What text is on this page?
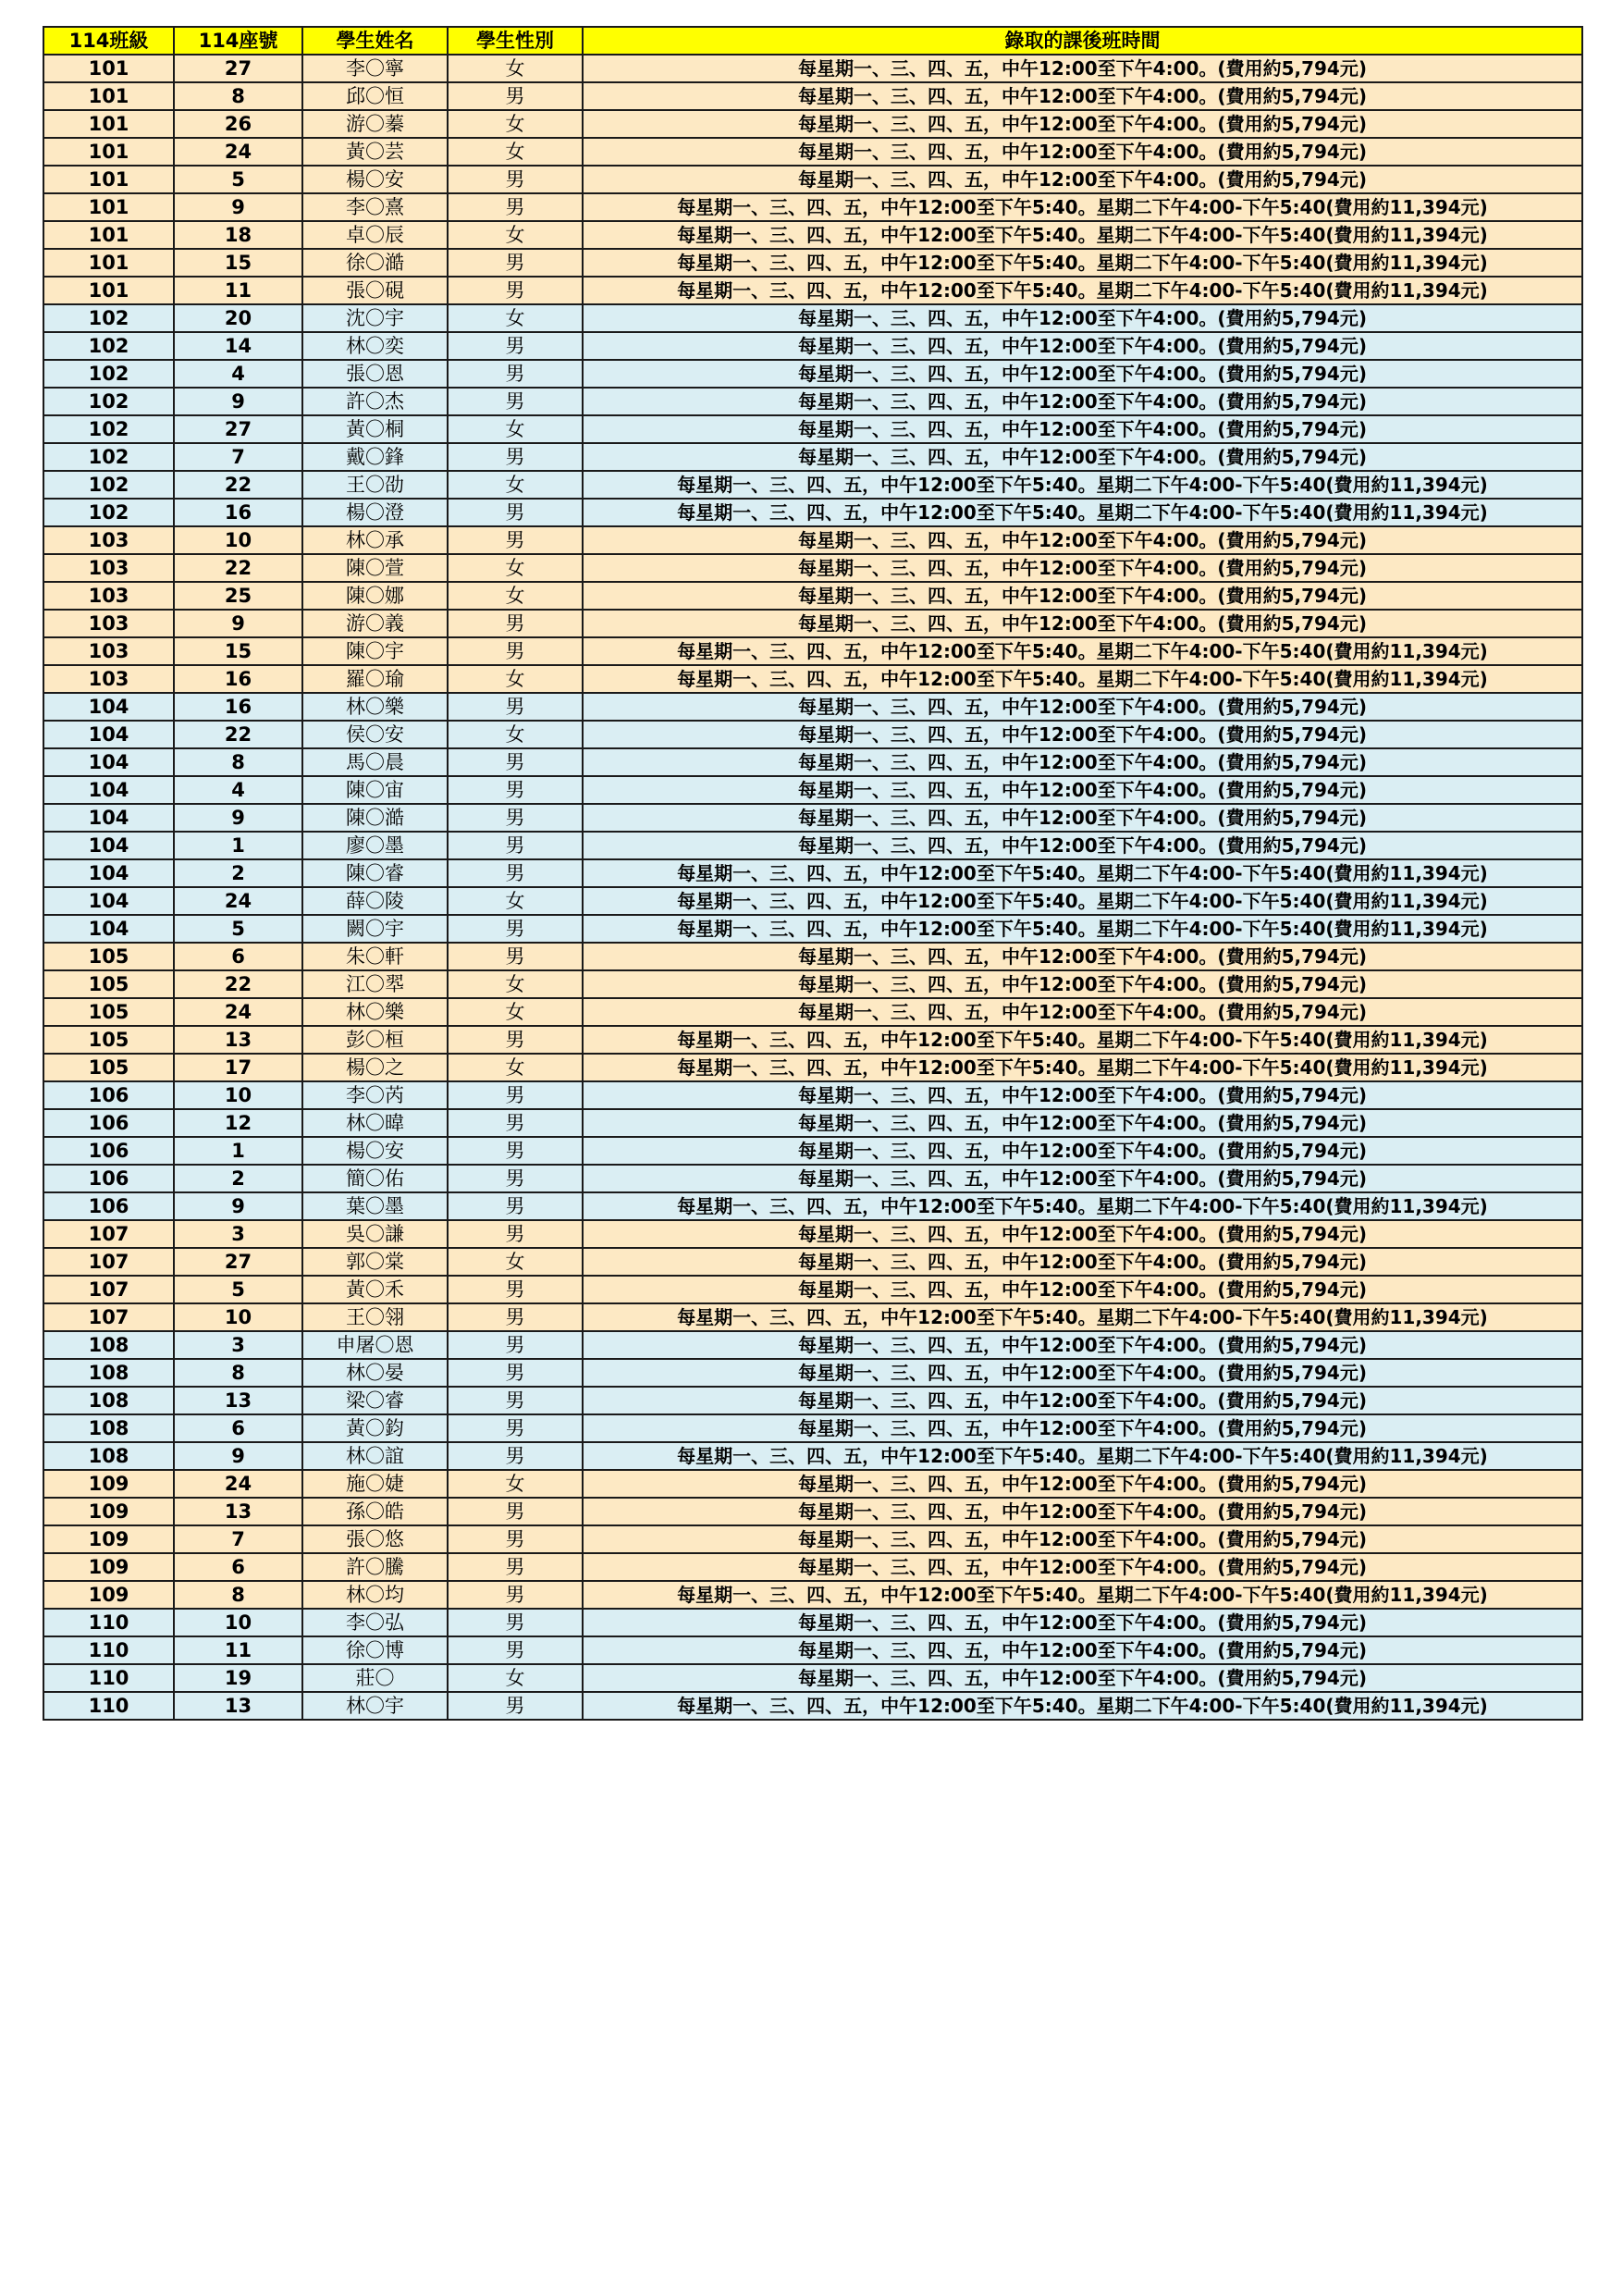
114班級	114座號	學生姓名	學生性別	錄取的課後班時間
101	27	李〇寧	女	每星期一、三、四、五，中午12:00至下午4:00。(費用約5,794元)
101	8	邱〇恒	男	每星期一、三、四、五，中午12:00至下午4:00。(費用約5,794元)
101	26	游〇蓁	女	每星期一、三、四、五，中午12:00至下午4:00。(費用約5,794元)
101	24	黃〇芸	女	每星期一、三、四、五，中午12:00至下午4:00。(費用約5,794元)
101	5	楊〇安	男	每星期一、三、四、五，中午12:00至下午4:00。(費用約5,794元)
101	9	李〇熹	男	每星期一、三、四、五，中午12:00至下午5:40。星期二下午4:00-下午5:40(費用約11,394元)
101	18	卓〇辰	女	每星期一、三、四、五，中午12:00至下午5:40。星期二下午4:00-下午5:40(費用約11,394元)
101	15	徐〇澔	男	每星期一、三、四、五，中午12:00至下午5:40。星期二下午4:00-下午5:40(費用約11,394元)
101	11	張〇硯	男	每星期一、三、四、五，中午12:00至下午5:40。星期二下午4:00-下午5:40(費用約11,394元)
102	20	沈〇宇	女	每星期一、三、四、五，中午12:00至下午4:00。(費用約5,794元)
102	14	林〇奕	男	每星期一、三、四、五，中午12:00至下午4:00。(費用約5,794元)
102	4	張〇恩	男	每星期一、三、四、五，中午12:00至下午4:00。(費用約5,794元)
102	9	許〇杰	男	每星期一、三、四、五，中午12:00至下午4:00。(費用約5,794元)
102	27	黃〇桐	女	每星期一、三、四、五，中午12:00至下午4:00。(費用約5,794元)
102	7	戴〇鋒	男	每星期一、三、四、五，中午12:00至下午4:00。(費用約5,794元)
102	22	王〇劭	女	每星期一、三、四、五，中午12:00至下午5:40。星期二下午4:00-下午5:40(費用約11,394元)
102	16	楊〇澄	男	每星期一、三、四、五，中午12:00至下午5:40。星期二下午4:00-下午5:40(費用約11,394元)
103	10	林〇承	男	每星期一、三、四、五，中午12:00至下午4:00。(費用約5,794元)
103	22	陳〇萱	女	每星期一、三、四、五，中午12:00至下午4:00。(費用約5,794元)
103	25	陳〇娜	女	每星期一、三、四、五，中午12:00至下午4:00。(費用約5,794元)
103	9	游〇義	男	每星期一、三、四、五，中午12:00至下午4:00。(費用約5,794元)
103	15	陳〇宇	男	每星期一、三、四、五，中午12:00至下午5:40。星期二下午4:00-下午5:40(費用約11,394元)
103	16	羅〇瑜	女	每星期一、三、四、五，中午12:00至下午5:40。星期二下午4:00-下午5:40(費用約11,394元)
104	16	林〇樂	男	每星期一、三、四、五，中午12:00至下午4:00。(費用約5,794元)
104	22	侯〇安	女	每星期一、三、四、五，中午12:00至下午4:00。(費用約5,794元)
104	8	馬〇晨	男	每星期一、三、四、五，中午12:00至下午4:00。(費用約5,794元)
104	4	陳〇宙	男	每星期一、三、四、五，中午12:00至下午4:00。(費用約5,794元)
104	9	陳〇澔	男	每星期一、三、四、五，中午12:00至下午4:00。(費用約5,794元)
104	1	廖〇墨	男	每星期一、三、四、五，中午12:00至下午4:00。(費用約5,794元)
104	2	陳〇睿	男	每星期一、三、四、五，中午12:00至下午5:40。星期二下午4:00-下午5:40(費用約11,394元)
104	24	薛〇陵	女	每星期一、三、四、五，中午12:00至下午5:40。星期二下午4:00-下午5:40(費用約11,394元)
104	5	闕〇宇	男	每星期一、三、四、五，中午12:00至下午5:40。星期二下午4:00-下午5:40(費用約11,394元)
105	6	朱〇軒	男	每星期一、三、四、五，中午12:00至下午4:00。(費用約5,794元)
105	22	江〇翆	女	每星期一、三、四、五，中午12:00至下午4:00。(費用約5,794元)
105	24	林〇樂	女	每星期一、三、四、五，中午12:00至下午4:00。(費用約5,794元)
105	13	彭〇桓	男	每星期一、三、四、五，中午12:00至下午5:40。星期二下午4:00-下午5:40(費用約11,394元)
105	17	楊〇之	女	每星期一、三、四、五，中午12:00至下午5:40。星期二下午4:00-下午5:40(費用約11,394元)
106	10	李〇芮	男	每星期一、三、四、五，中午12:00至下午4:00。(費用約5,794元)
106	12	林〇暐	男	每星期一、三、四、五，中午12:00至下午4:00。(費用約5,794元)
106	1	楊〇安	男	每星期一、三、四、五，中午12:00至下午4:00。(費用約5,794元)
106	2	簡〇佑	男	每星期一、三、四、五，中午12:00至下午4:00。(費用約5,794元)
106	9	葉〇墨	男	每星期一、三、四、五，中午12:00至下午5:40。星期二下午4:00-下午5:40(費用約11,394元)
107	3	吳〇謙	男	每星期一、三、四、五，中午12:00至下午4:00。(費用約5,794元)
107	27	郭〇棠	女	每星期一、三、四、五，中午12:00至下午4:00。(費用約5,794元)
107	5	黃〇禾	男	每星期一、三、四、五，中午12:00至下午4:00。(費用約5,794元)
107	10	王〇翎	男	每星期一、三、四、五，中午12:00至下午5:40。星期二下午4:00-下午5:40(費用約11,394元)
108	3	申屠〇恩	男	每星期一、三、四、五，中午12:00至下午4:00。(費用約5,794元)
108	8	林〇晏	男	每星期一、三、四、五，中午12:00至下午4:00。(費用約5,794元)
108	13	梁〇睿	男	每星期一、三、四、五，中午12:00至下午4:00。(費用約5,794元)
108	6	黃〇鈞	男	每星期一、三、四、五，中午12:00至下午4:00。(費用約5,794元)
108	9	林〇誼	男	每星期一、三、四、五，中午12:00至下午5:40。星期二下午4:00-下午5:40(費用約11,394元)
109	24	施〇婕	女	每星期一、三、四、五，中午12:00至下午4:00。(費用約5,794元)
109	13	孫〇皓	男	每星期一、三、四、五，中午12:00至下午4:00。(費用約5,794元)
109	7	張〇悠	男	每星期一、三、四、五，中午12:00至下午4:00。(費用約5,794元)
109	6	許〇騰	男	每星期一、三、四、五，中午12:00至下午4:00。(費用約5,794元)
109	8	林〇均	男	每星期一、三、四、五，中午12:00至下午5:40。星期二下午4:00-下午5:40(費用約11,394元)
110	10	李〇弘	男	每星期一、三、四、五，中午12:00至下午4:00。(費用約5,794元)
110	11	徐〇博	男	每星期一、三、四、五，中午12:00至下午4:00。(費用約5,794元)
110	19	莊〇	女	每星期一、三、四、五，中午12:00至下午4:00。(費用約5,794元)
110	13	林〇宇	男	每星期一、三、四、五，中午12:00至下午5:40。星期二下午4:00-下午5:40(費用約11,394元)
